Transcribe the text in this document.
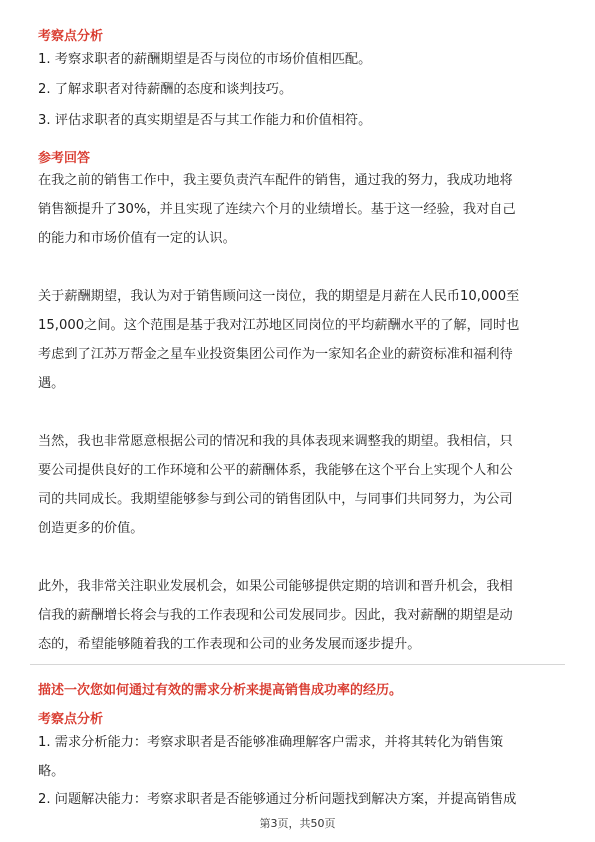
考察点分析
1. 考察求职者的薪酬期望是否与岗位的市场价值相匹配。
2. 了解求职者对待薪酬的态度和谈判技巧。
3. 评估求职者的真实期望是否与其工作能力和价值相符。
参考回答
在我之前的销售工作中，我主要负责汽车配件的销售，通过我的努力，我成功地将
销售额提升了30%，并且实现了连续六个月的业绩增长。基于这一经验，我对自己
的能力和市场价值有一定的认识。
关于薪酬期望，我认为对于销售顾问这一岗位，我的期望是月薪在人民币10,000至
15,000之间。这个范围是基于我对江苏地区同岗位的平均薪酬水平的了解，同时也
考虑到了江苏万帮金之星车业投资集团公司作为一家知名企业的薪资标准和福利待
遇。
当然，我也非常愿意根据公司的情况和我的具体表现来调整我的期望。我相信，只
要公司提供良好的工作环境和公平的薪酬体系，我能够在这个平台上实现个人和公
司的共同成长。我期望能够参与到公司的销售团队中，与同事们共同努力，为公司
创造更多的价值。
此外，我非常关注职业发展机会，如果公司能够提供定期的培训和晋升机会，我相
信我的薪酬增长将会与我的工作表现和公司发展同步。因此，我对薪酬的期望是动
态的，希望能够随着我的工作表现和公司的业务发展而逐步提升。
描述一次您如何通过有效的需求分析来提高销售成功率的经历。
考察点分析
1. 需求分析能力：考察求职者是否能够准确理解客户需求，并将其转化为销售策
略。
2. 问题解决能力：考察求职者是否能够通过分析问题找到解决方案，并提高销售成
第3页，共50页
